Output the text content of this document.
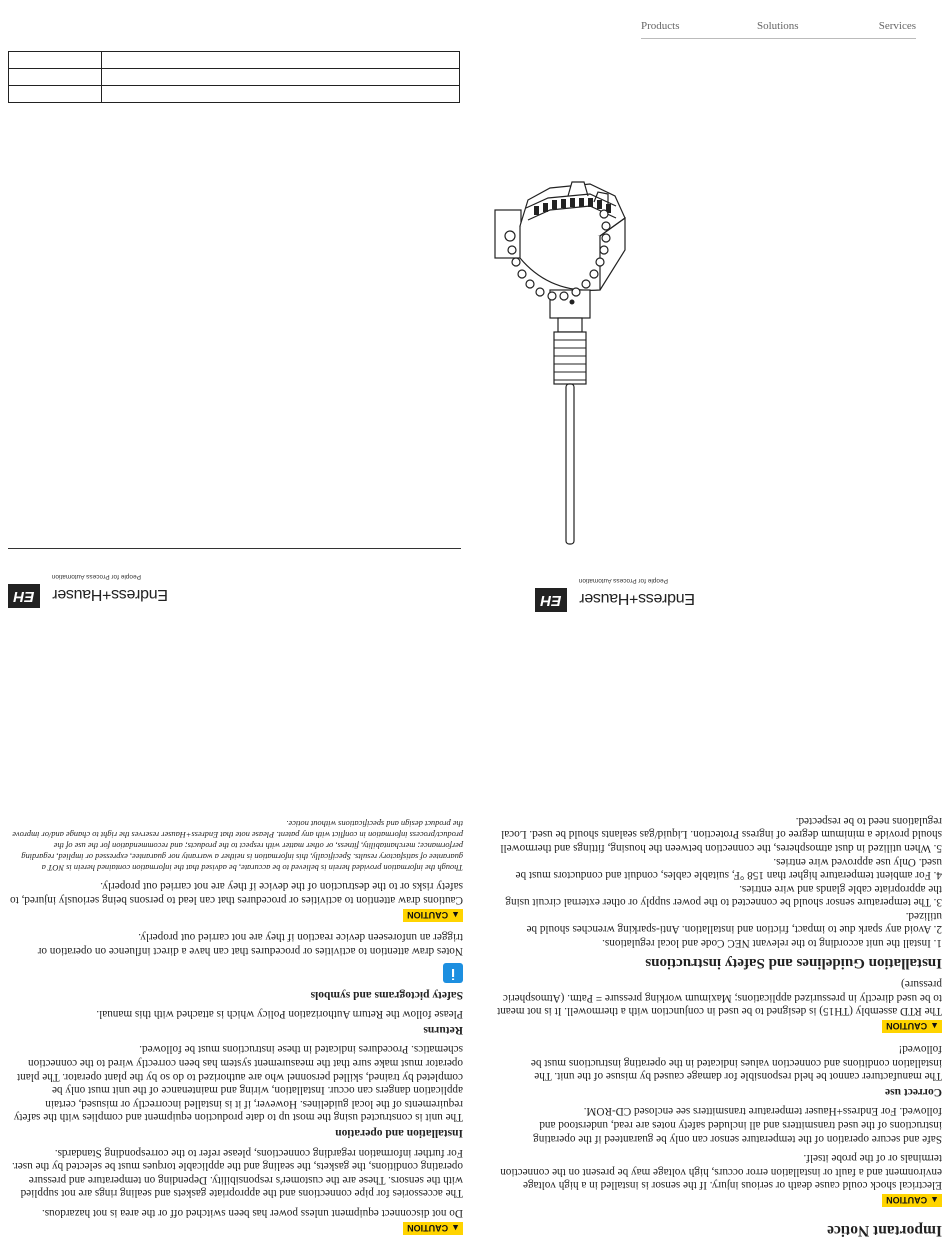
Products	Solutions	Services

▲CAUTION

Do not disconnect equipment unless power has been switched off or the area is not hazardous.

The accessories for pipe connections and the appropriate gaskets and sealing rings are not supplied with the sensors. These are the customer's responsibility. Depending on temperature and pressure operating conditions, the gaskets, the sealing and the applicable torques must be selected by the user. For further information regarding connections, please refer to the corresponding Standards.

Installation and operation

The unit is constructed using the most up to date production equipment and complies with the safety requirements of the local guidelines. However, if it is installed incorrectly or misused, certain application dangers can occur. Installation, wiring and maintenance of the unit must only be completed by trained, skilled personnel who are authorized to do so by the plant operator. The plant operator must make sure that the measurement system has been correctly wired to the connection schematics. Procedures indicated in these instructions must be followed.

Returns

Please follow the Return Authorization Policy which is attached with this manual.

Safety pictograms and symbols
i

Notes draw attention to activities or procedures that can have a direct influence on operation or trigger an unforeseen device reaction if they are not carried out properly.

▲CAUTION

Cautions draw attention to activities or procedures that can lead to persons being seriously injured, to safety risks or to the destruction of the device if they are not carried out properly.

Though the information provided herein is believed to be accurate, be advised that the information contained herein is NOT a guarantee of satisfactory results. Specifically, this information is neither a warranty nor guarantee, expressed or implied, regarding performance; merchantability, fitness, or other matter with respect to the products; and recommendation for the use of the product/process information in conflict with any patent. Please note that Endress+Hauser reserves the right to change and/or improve the product design and specifications without notice.

Endress+Hauser
EH
People for Process Automation
Important Notice
▲CAUTION

Electrical shock could cause death or serious injury. If the sensor is installed in a high voltage environment and a fault or installation error occurs, high voltage may be present on the connection terminals or of the probe itself.

Safe and secure operation of the temperature sensor can only be guaranteed if the operating instructions of the used transmitters and all included safety notes are read, understood and followed. For Endress+Hauser temperature transmitters see enclosed CD-ROM.

Correct use

The manufacturer cannot be held responsible for damage caused by misuse of the unit. The installation conditions and connection values indicated in the operating instructions must be followed!

▲CAUTION

The RTD assembly (TH15) is designed to be used in conjunction with a thermowell. It is not meant to be used directly in pressurized applications; Maximum working pressure = Patm. (Atmospheric pressure)

Installation Guidelines and Safety instructions
1. Install the unit according to the relevant NEC Code and local regulations.
2. Avoid any spark due to impact, friction and installation. Anti-sparking wrenches should be utilized.
3. The temperature sensor should be connected to the power supply or other external circuit using the appropriate cable glands and wire entries.
4. For ambient temperature higher than 158 °F, suitable cables, conduit and conductors must be used. Only use approved wire entries.
5. When utilized in dust atmospheres, the connection between the housing, fittings and thermowell should provide a minimum degree of ingress Protection. Liquid/gas sealants should be used. Local regulations need to be respected.
Endress+Hauser
EH
People for Process Automation
